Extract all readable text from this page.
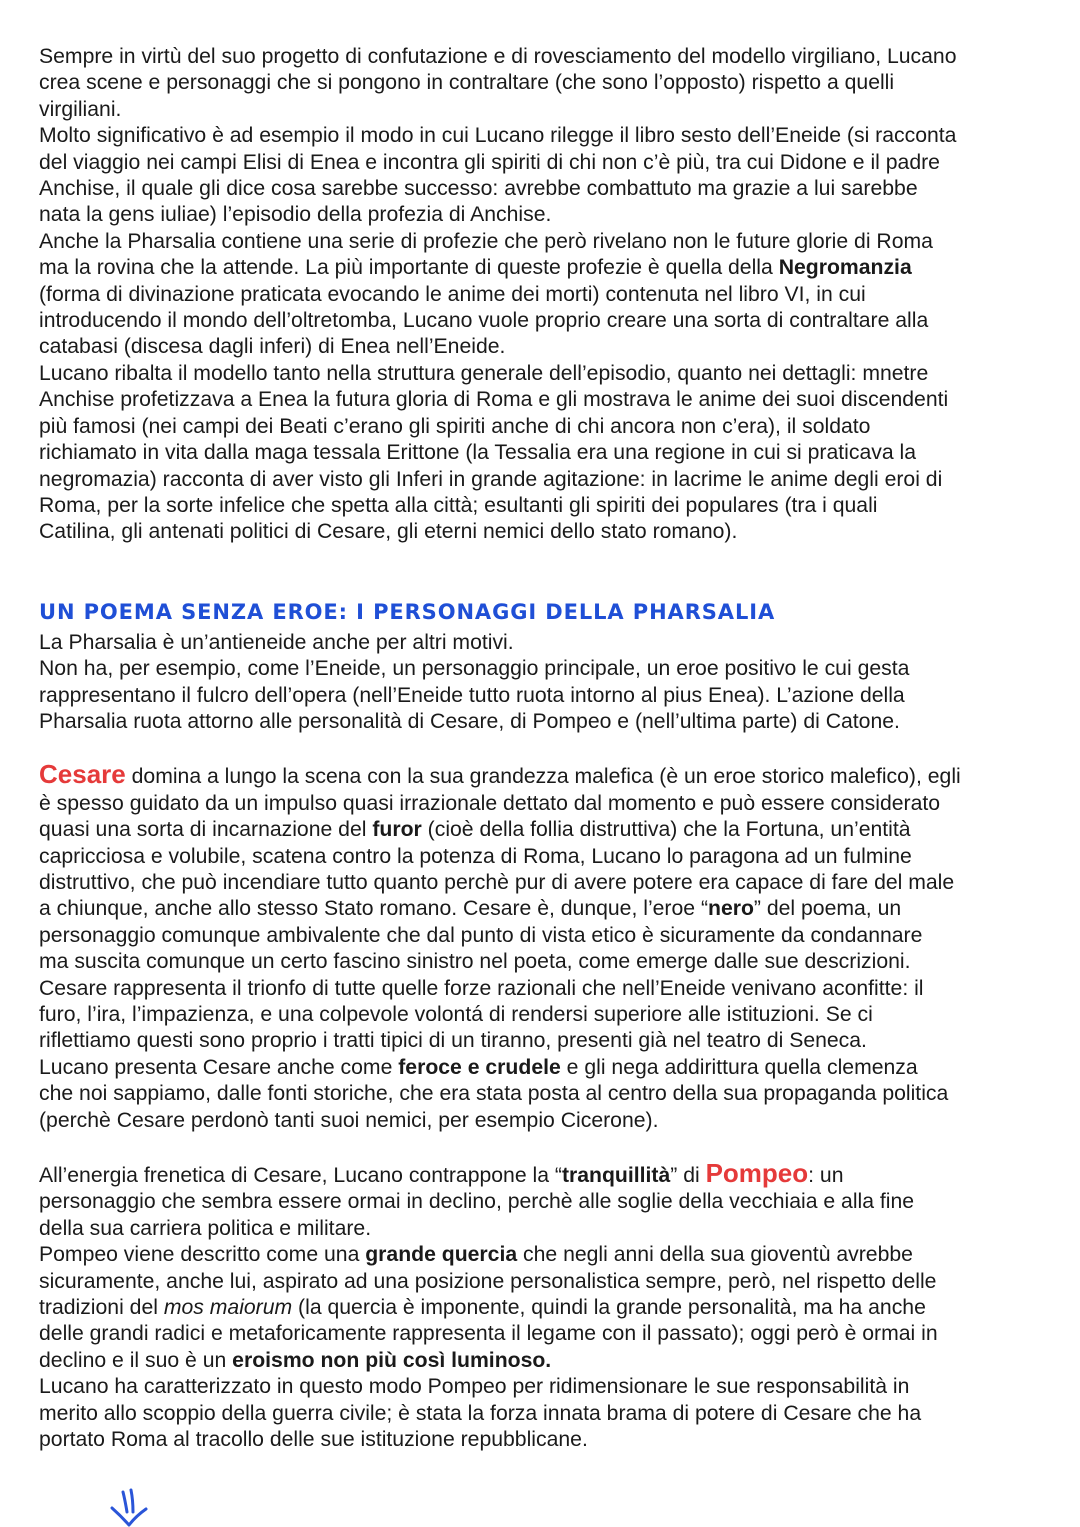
Sempre in virtù del suo progetto di confutazione e di rovesciamento del modello virgiliano, Lucano

crea scene e personaggi che si pongono in contraltare (che sono l’opposto) rispetto a quelli

virgiliani.

Molto significativo è ad esempio il modo in cui Lucano rilegge il libro sesto dell’Eneide (si racconta

del viaggio nei campi Elisi di Enea e incontra gli spiriti di chi non c’è più, tra cui Didone e il padre

Anchise, il quale gli dice cosa sarebbe successo: avrebbe combattuto ma grazie a lui sarebbe

nata la gens iuliae) l’episodio della profezia di Anchise.

Anche la Pharsalia contiene una serie di profezie che però rivelano non le future glorie di Roma

ma la rovina che la attende. La più importante di queste profezie è quella della Negromanzia

(forma di divinazione praticata evocando le anime dei morti) contenuta nel libro VI, in cui

introducendo il mondo dell’oltretomba, Lucano vuole proprio creare una sorta di contraltare alla

catabasi (discesa dagli inferi) di Enea nell’Eneide.

Lucano ribalta il modello tanto nella struttura generale dell’episodio, quanto nei dettagli: mnetre

Anchise profetizzava a Enea la futura gloria di Roma e gli mostrava le anime dei suoi discendenti

più famosi (nei campi dei Beati c’erano gli spiriti anche di chi ancora non c’era), il soldato

richiamato in vita dalla maga tessala Erittone (la Tessalia era una regione in cui si praticava la

negromazia) racconta di aver visto gli Inferi in grande agitazione: in lacrime le anime degli eroi di

Roma, per la sorte infelice che spetta alla città; esultanti gli spiriti dei populares (tra i quali

Catilina, gli antenati politici di Cesare, gli eterni nemici dello stato romano).

UN POEMA SENZA EROE: I PERSONAGGI DELLA PHARSALIA

La Pharsalia è un’antieneide anche per altri motivi.

Non ha, per esempio, come l’Eneide, un personaggio principale, un eroe positivo le cui gesta

rappresentano il fulcro dell’opera (nell’Eneide tutto ruota intorno al pius Enea). L’azione della

Pharsalia ruota attorno alle personalità di Cesare, di Pompeo e (nell’ultima parte) di Catone.

Cesare domina a lungo la scena con la sua grandezza malefica (è un eroe storico malefico), egli

è spesso guidato da un impulso quasi irrazionale dettato dal momento e può essere considerato

quasi una sorta di incarnazione del furor (cioè della follia distruttiva) che la Fortuna, un’entità

capricciosa e volubile, scatena contro la potenza di Roma, Lucano lo paragona ad un fulmine

distruttivo, che può incendiare tutto quanto perchè pur di avere potere era capace di fare del male

a chiunque, anche allo stesso Stato romano. Cesare è, dunque, l’eroe “nero” del poema, un

personaggio comunque ambivalente che dal punto di vista etico è sicuramente da condannare

ma suscita comunque un certo fascino sinistro nel poeta, come emerge dalle sue descrizioni.

Cesare rappresenta il trionfo di tutte quelle forze razionali che nell’Eneide venivano aconfitte: il

furo, l’ira, l’impazienza, e una colpevole volontá di rendersi superiore alle istituzioni. Se ci

riflettiamo questi sono proprio i tratti tipici di un tiranno, presenti già nel teatro di Seneca.

Lucano presenta Cesare anche come feroce e crudele e gli nega addirittura quella clemenza

che noi sappiamo, dalle fonti storiche, che era stata posta al centro della sua propaganda politica

(perchè Cesare perdonò tanti suoi nemici, per esempio Cicerone).

All’energia frenetica di Cesare, Lucano contrappone la “tranquillità” di Pompeo: un

personaggio che sembra essere ormai in declino, perchè alle soglie della vecchiaia e alla fine

della sua carriera politica e militare.

Pompeo viene descritto come una grande quercia che negli anni della sua gioventù avrebbe

sicuramente, anche lui, aspirato ad una posizione personalistica sempre, però, nel rispetto delle

tradizioni del mos maiorum (la quercia è imponente, quindi la grande personalità, ma ha anche

delle grandi radici e metaforicamente rappresenta il legame con il passato); oggi però è ormai in

declino e il suo è un eroismo non più così luminoso.

Lucano ha caratterizzato in questo modo Pompeo per ridimensionare le sue responsabilità in

merito allo scoppio della guerra civile; è stata la forza innata brama di potere di Cesare che ha

portato Roma al tracollo delle sue istituzione repubblicane.
